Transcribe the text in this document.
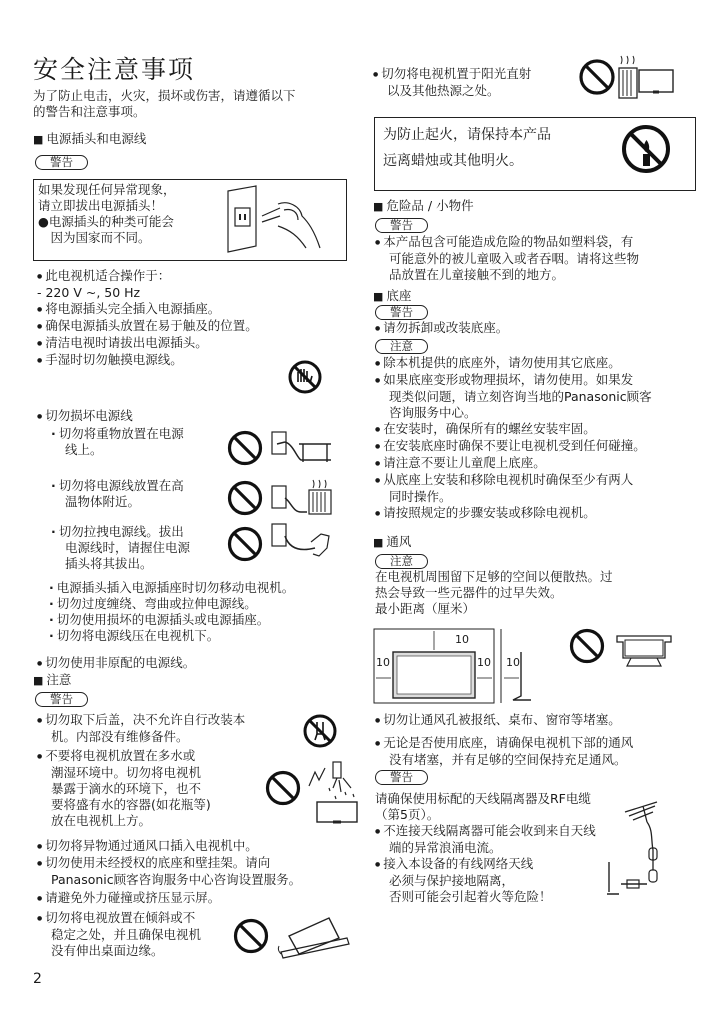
安全注意事项
为了防止电击，火灾，损坏或伤害，请遵循以下
的警告和注意事项。
■ 电源插头和电源线
警告
如果发现任何异常现象，
请立即拔出电源插头！
●电源插头的种类可能会
　因为国家而不同。
● 此电视机适合操作于：
- 220 V ~, 50 Hz
● 将电源插头完全插入电源插座。
● 确保电源插头放置在易于触及的位置。
● 清洁电视时请拔出电源插头。
● 手湿时切勿触摸电源线。
● 切勿损坏电源线
· 切勿将重物放置在电源
线上。
· 切勿将电源线放置在高
温物体附近。
· 切勿拉拽电源线。拔出
电源线时，请握住电源
插头将其拔出。
· 电源插头插入电源插座时切勿移动电视机。
· 切勿过度缠绕、弯曲或拉伸电源线。
· 切勿使用损坏的电源插头或电源插座。
· 切勿将电源线压在电视机下。
● 切勿使用非原配的电源线。
■ 注意
警告
● 切勿取下后盖，决不允许自行改装本
机。内部没有维修备件。
● 不要将电视机放置在多水或
潮湿环境中。切勿将电视机
暴露于滴水的环境下，也不
要将盛有水的容器(如花瓶等)
放在电视机上方。
● 切勿将异物通过通风口插入电视机中。
● 切勿使用未经授权的底座和壁挂架。请向
Panasonic顾客咨询服务中心咨询设置服务。
● 请避免外力碰撞或挤压显示屏。
● 切勿将电视放置在倾斜或不
稳定之处，并且确保电视机
没有伸出桌面边缘。
● 切勿将电视机置于阳光直射
以及其他热源之处。
为防止起火，请保持本产品
远离蜡烛或其他明火。
■ 危险品 / 小物件
警告
● 本产品包含可能造成危险的物品如塑料袋，有
可能意外的被儿童吸入或者吞咽。请将这些物
品放置在儿童接触不到的地方。
■ 底座
警告
● 请勿拆卸或改装底座。
注意
● 除本机提供的底座外，请勿使用其它底座。
● 如果底座变形或物理损坏，请勿使用。如果发
现类似问题，请立刻咨询当地的Panasonic顾客
咨询服务中心。
● 在安装时，确保所有的螺丝安装牢固。
● 在安装底座时确保不要让电视机受到任何碰撞。
● 请注意不要让儿童爬上底座。
● 从底座上安装和移除电视机时确保至少有两人
同时操作。
● 请按照规定的步骤安装或移除电视机。
■ 通风
注意
在电视机周围留下足够的空间以便散热。过
热会导致一些元器件的过早失效。
最小距离（厘米）
10
10	10 10
● 切勿让通风孔被报纸、桌布、窗帘等堵塞。
● 无论是否使用底座，请确保电视机下部的通风
没有堵塞，并有足够的空间保持充足通风。
警告
请确保使用标配的天线隔离器及RF电缆
（第5页）。
● 不连接天线隔离器可能会收到来自天线
端的异常浪涌电流。
● 接入本设备的有线网络天线
必须与保护接地隔离，
否则可能会引起着火等危险！
2
